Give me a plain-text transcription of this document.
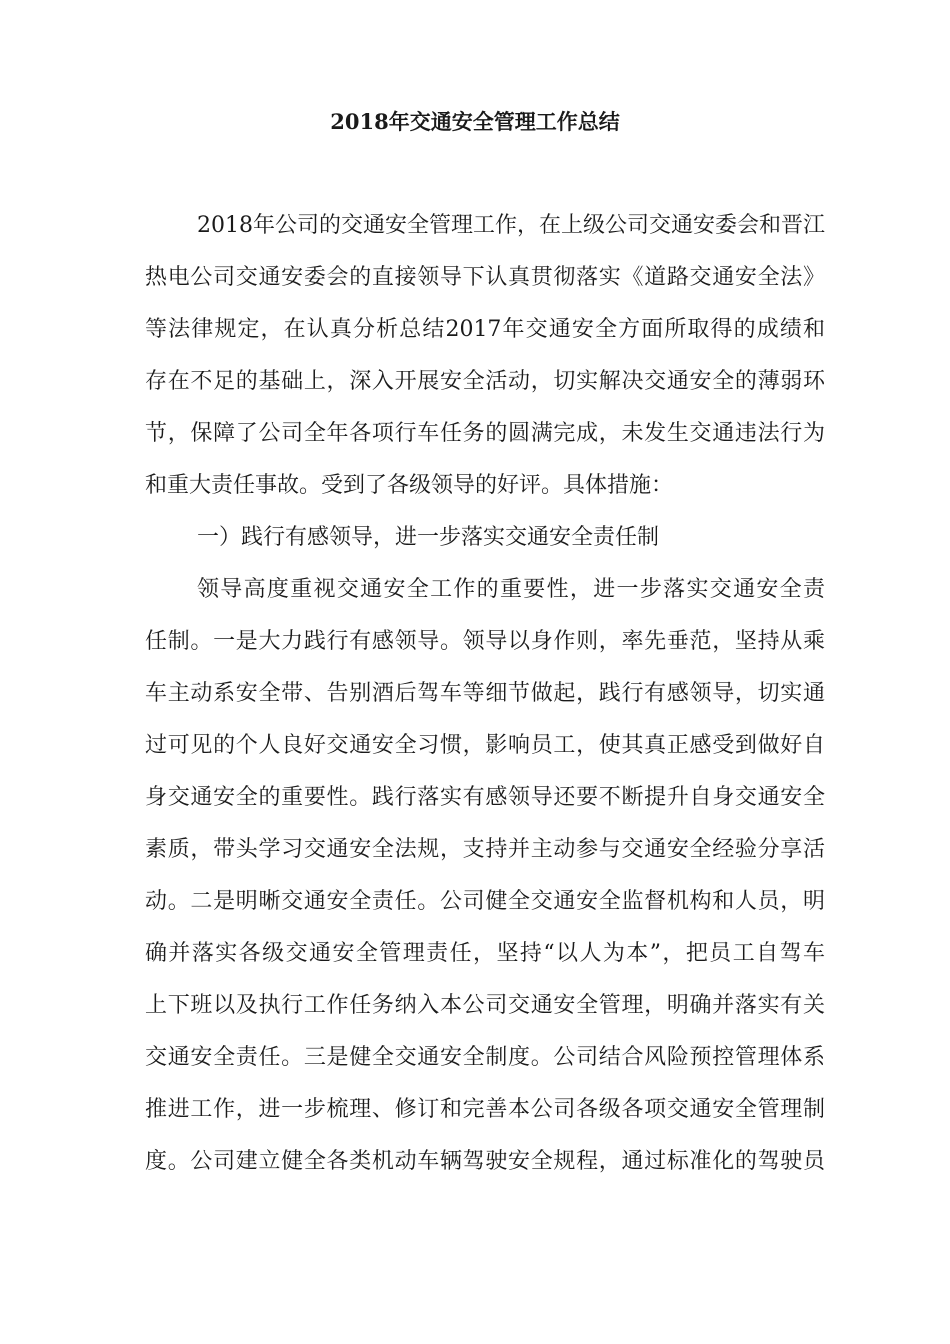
2018年交通安全管理工作总结
2018年公司的交通安全管理工作，在上级公司交通安委会和晋江
热电公司交通安委会的直接领导下认真贯彻落实《道路交通安全法》
等法律规定，在认真分析总结2017年交通安全方面所取得的成绩和
存在不足的基础上，深入开展安全活动，切实解决交通安全的薄弱环
节，保障了公司全年各项行车任务的圆满完成，未发生交通违法行为
和重大责任事故。受到了各级领导的好评。具体措施：
一）践行有感领导，进一步落实交通安全责任制
领导高度重视交通安全工作的重要性，进一步落实交通安全责
任制。一是大力践行有感领导。领导以身作则，率先垂范，坚持从乘
车主动系安全带、告别酒后驾车等细节做起，践行有感领导，切实通
过可见的个人良好交通安全习惯，影响员工，使其真正感受到做好自
身交通安全的重要性。践行落实有感领导还要不断提升自身交通安全
素质，带头学习交通安全法规，支持并主动参与交通安全经验分享活
动。二是明晰交通安全责任。公司健全交通安全监督机构和人员，明
确并落实各级交通安全管理责任，坚持“以人为本”，把员工自驾车
上下班以及执行工作任务纳入本公司交通安全管理，明确并落实有关
交通安全责任。三是健全交通安全制度。公司结合风险预控管理体系
推进工作，进一步梳理、修订和完善本公司各级各项交通安全管理制
度。公司建立健全各类机动车辆驾驶安全规程，通过标准化的驾驶员
